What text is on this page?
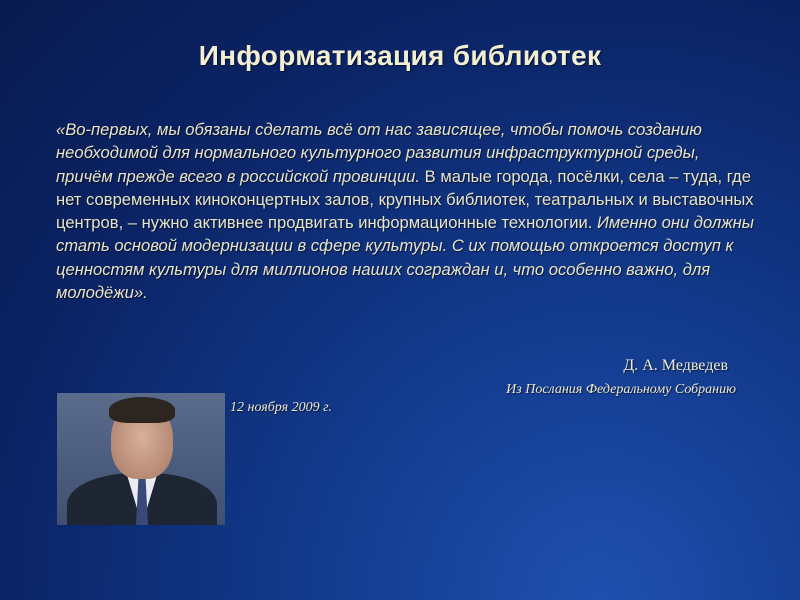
Информатизация библиотек
«Во-первых, мы обязаны сделать всё от нас зависящее, чтобы помочь созданию необходимой для нормального культурного развития инфраструктурной среды, причём прежде всего в российской провинции. В малые города, посёлки, села – туда, где нет современных киноконцертных залов, крупных библиотек, театральных и выставочных центров, – нужно активнее продвигать информационные технологии. Именно они должны стать основой модернизации в сфере культуры. С их помощью откроется доступ к ценностям культуры для миллионов наших сограждан и, что особенно важно, для молодёжи».
Д. А. Медведев
Из Послания Федеральному Собранию
12 ноября 2009 г.
